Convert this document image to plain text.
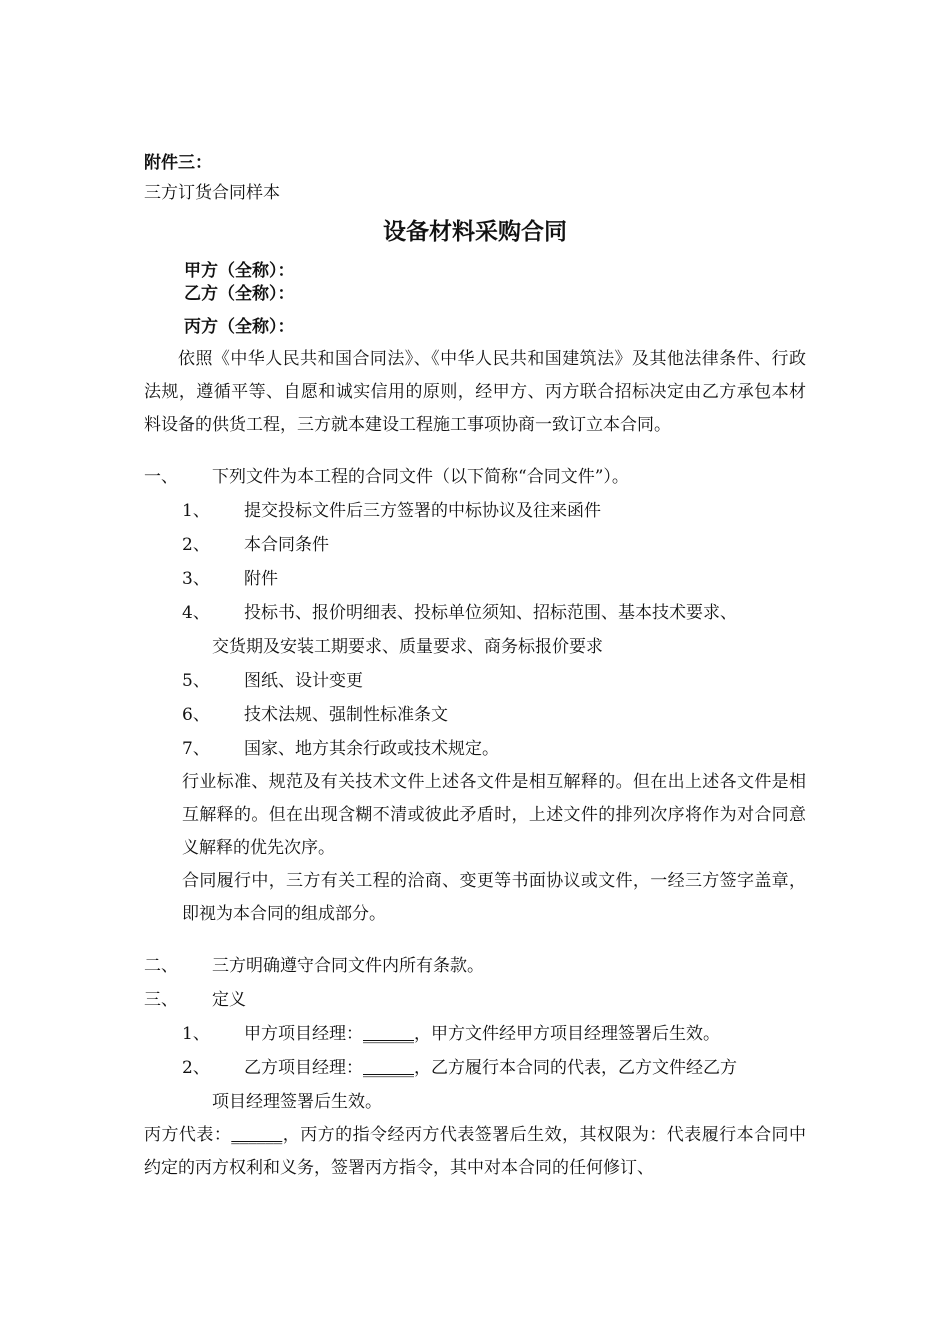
附件三：
三方订货合同样本
设备材料采购合同
甲方（全称）：
乙方（全称）：
丙方（全称）：
依照《中华人民共和国合同法》、《中华人民共和国建筑法》及其他法律条件、行政法规，遵循平等、自愿和诚实信用的原则，经甲方、丙方联合招标决定由乙方承包本材料设备的供货工程，三方就本建设工程施工事项协商一致订立本合同。
一、	下列文件为本工程的合同文件（以下简称“合同文件”）。
1、	提交投标文件后三方签署的中标协议及往来函件
2、	本合同条件
3、	附件
4、	投标书、报价明细表、投标单位须知、招标范围、基本技术要求、
交货期及安装工期要求、质量要求、商务标报价要求
5、	图纸、设计变更
6、	技术法规、强制性标准条文
7、	国家、地方其余行政或技术规定。
行业标准、规范及有关技术文件上述各文件是相互解释的。但在出上述各文件是相互解释的。但在出现含糊不清或彼此矛盾时，上述文件的排列次序将作为对合同意义解释的优先次序。
合同履行中，三方有关工程的洽商、变更等书面协议或文件，一经三方签字盖章，即视为本合同的组成部分。
二、	三方明确遵守合同文件内所有条款。
三、	定义
1、	甲方项目经理：______，甲方文件经甲方项目经理签署后生效。
2、	乙方项目经理：______，乙方履行本合同的代表，乙方文件经乙方
项目经理签署后生效。
丙方代表：______，丙方的指令经丙方代表签署后生效，其权限为：代表履行本合同中约定的丙方权利和义务，签署丙方指令，其中对本合同的任何修订、
